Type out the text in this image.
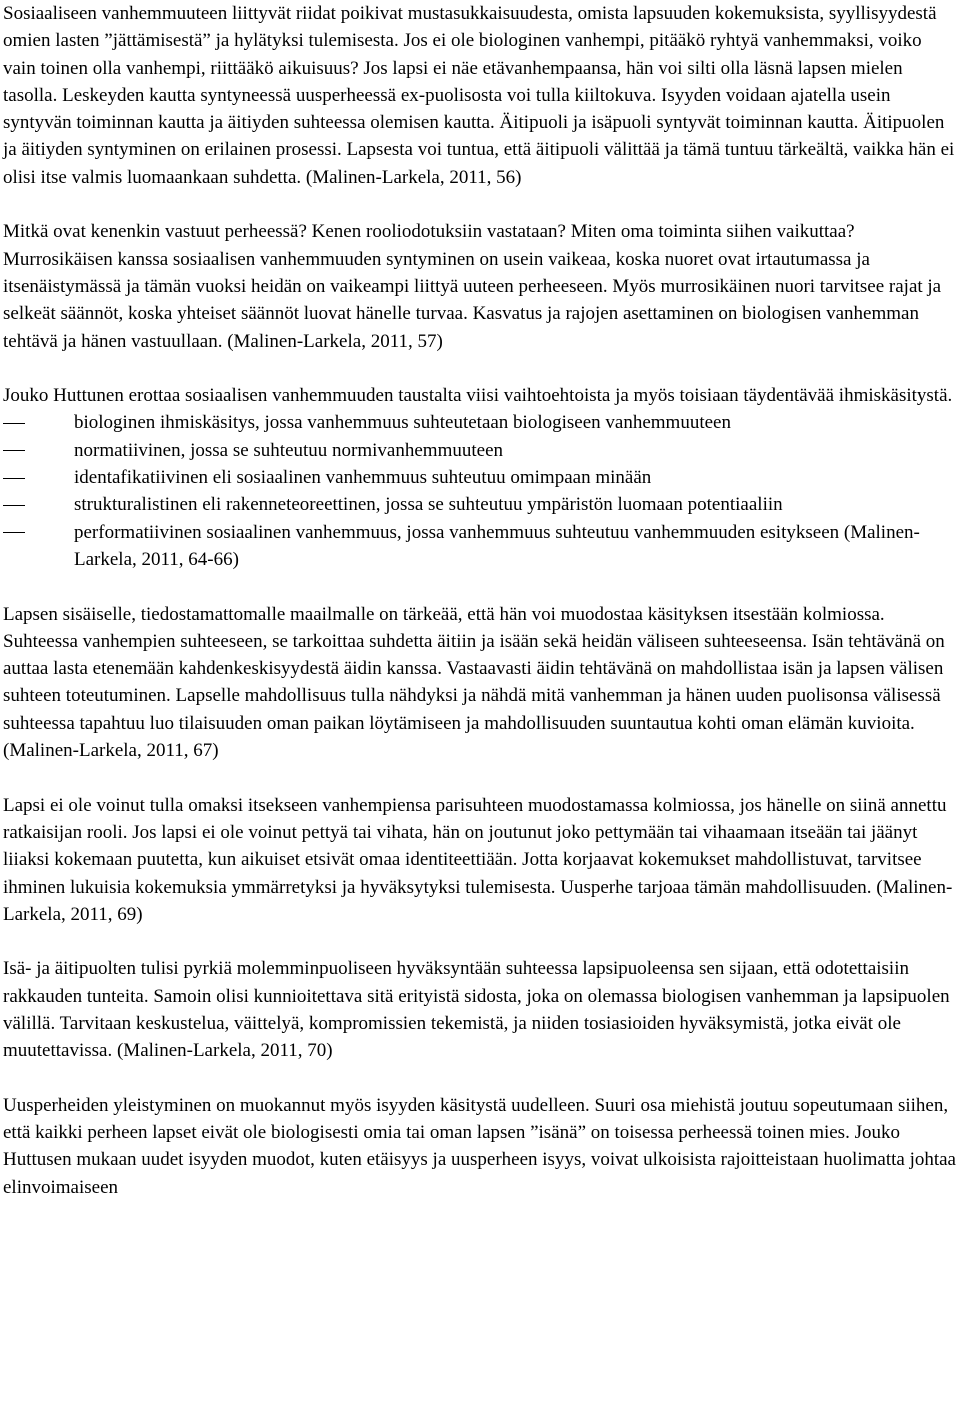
Sosiaaliseen vanhemmuuteen liittyvät riidat poikivat mustasukkaisuudesta, omista lapsuuden kokemuksista, syyllisyydestä omien lasten ”jättämisestä” ja hylätyksi tulemisesta. Jos ei ole biologinen vanhempi, pitääkö ryhtyä vanhemmaksi, voiko vain toinen olla vanhempi, riittääkö aikuisuus? Jos lapsi ei näe etävanhempaansa, hän voi silti olla läsnä lapsen mielen tasolla. Leskeyden kautta syntyneessä uusperheessä ex-puolisosta voi tulla kiiltokuva. Isyyden voidaan ajatella usein syntyvän toiminnan kautta ja äitiyden suhteessa olemisen kautta. Äitipuoli ja isäpuoli syntyvät toiminnan kautta. Äitipuolen ja äitiyden syntyminen on erilainen prosessi. Lapsesta voi tuntua, että äitipuoli välittää ja tämä tuntuu tärkeältä, vaikka hän ei olisi itse valmis luomaankaan suhdetta. (Malinen-Larkela, 2011, 56)

Mitkä ovat kenenkin vastuut perheessä? Kenen rooliodotuksiin vastataan? Miten oma toiminta siihen vaikuttaa? Murrosikäisen kanssa sosiaalisen vanhemmuuden syntyminen on usein vaikeaa, koska nuoret ovat irtautumassa ja itsenäistymässä ja tämän vuoksi heidän on vaikeampi liittyä uuteen perheeseen. Myös murrosikäinen nuori tarvitsee rajat ja selkeät säännöt, koska yhteiset säännöt luovat hänelle turvaa. Kasvatus ja rajojen asettaminen on biologisen vanhemman tehtävä ja hänen vastuullaan. (Malinen-Larkela, 2011, 57)

Jouko Huttunen erottaa sosiaalisen vanhemmuuden taustalta viisi vaihtoehtoista ja myös toisiaan täydentävää ihmiskäsitystä.

biologinen ihmiskäsitys, jossa vanhemmuus suhteutetaan biologiseen vanhemmuuteen
normatiivinen, jossa se suhteutuu normivanhemmuuteen
identafikatiivinen eli sosiaalinen vanhemmuus suhteutuu omimpaan minään
strukturalistinen eli rakenneteoreettinen, jossa se suhteutuu ympäristön luomaan potentiaaliin
performatiivinen sosiaalinen vanhemmuus, jossa vanhemmuus suhteutuu vanhemmuuden esitykseen (Malinen- Larkela, 2011, 64-66)

Lapsen sisäiselle, tiedostamattomalle maailmalle on tärkeää, että hän voi muodostaa käsityksen itsestään kolmiossa. Suhteessa vanhempien suhteeseen, se tarkoittaa suhdetta äitiin ja isään sekä heidän väliseen suhteeseensa. Isän tehtävänä on auttaa lasta etenemään kahdenkeskisyydestä äidin kanssa. Vastaavasti äidin tehtävänä on mahdollistaa isän ja lapsen välisen suhteen toteutuminen. Lapselle mahdollisuus tulla nähdyksi ja nähdä mitä vanhemman ja hänen uuden puolisonsa välisessä suhteessa tapahtuu luo tilaisuuden oman paikan löytämiseen ja mahdollisuuden suuntautua kohti oman elämän kuvioita. (Malinen-Larkela, 2011, 67)

Lapsi ei ole voinut tulla omaksi itsekseen vanhempiensa parisuhteen muodostamassa kolmiossa, jos hänelle on siinä annettu ratkaisijan rooli. Jos lapsi ei ole voinut pettyä tai vihata, hän on joutunut joko pettymään tai vihaamaan itseään tai jäänyt liiaksi kokemaan puutetta, kun aikuiset etsivät omaa identiteettiään. Jotta korjaavat kokemukset mahdollistuvat, tarvitsee ihminen lukuisia kokemuksia ymmärretyksi ja hyväksytyksi tulemisesta. Uusperhe tarjoaa tämän mahdollisuuden. (Malinen-Larkela, 2011, 69)

Isä- ja äitipuolten tulisi pyrkiä molemminpuoliseen hyväksyntään suhteessa lapsipuoleensa sen sijaan, että odotettaisiin rakkauden tunteita. Samoin olisi kunnioitettava sitä erityistä sidosta, joka on olemassa biologisen vanhemman ja lapsipuolen välillä. Tarvitaan keskustelua, väittelyä, kompromissien tekemistä, ja niiden tosiasioiden hyväksymistä, jotka eivät ole muutettavissa. (Malinen-Larkela, 2011, 70)

Uusperheiden yleistyminen on muokannut myös isyyden käsitystä uudelleen. Suuri osa miehistä joutuu sopeutumaan siihen, että kaikki perheen lapset eivät ole biologisesti omia tai oman lapsen ”isänä” on toisessa perheessä toinen mies. Jouko Huttusen mukaan uudet isyyden muodot, kuten etäisyys ja uusperheen isyys, voivat ulkoisista rajoitteistaan huolimatta johtaa elinvoimaiseen
